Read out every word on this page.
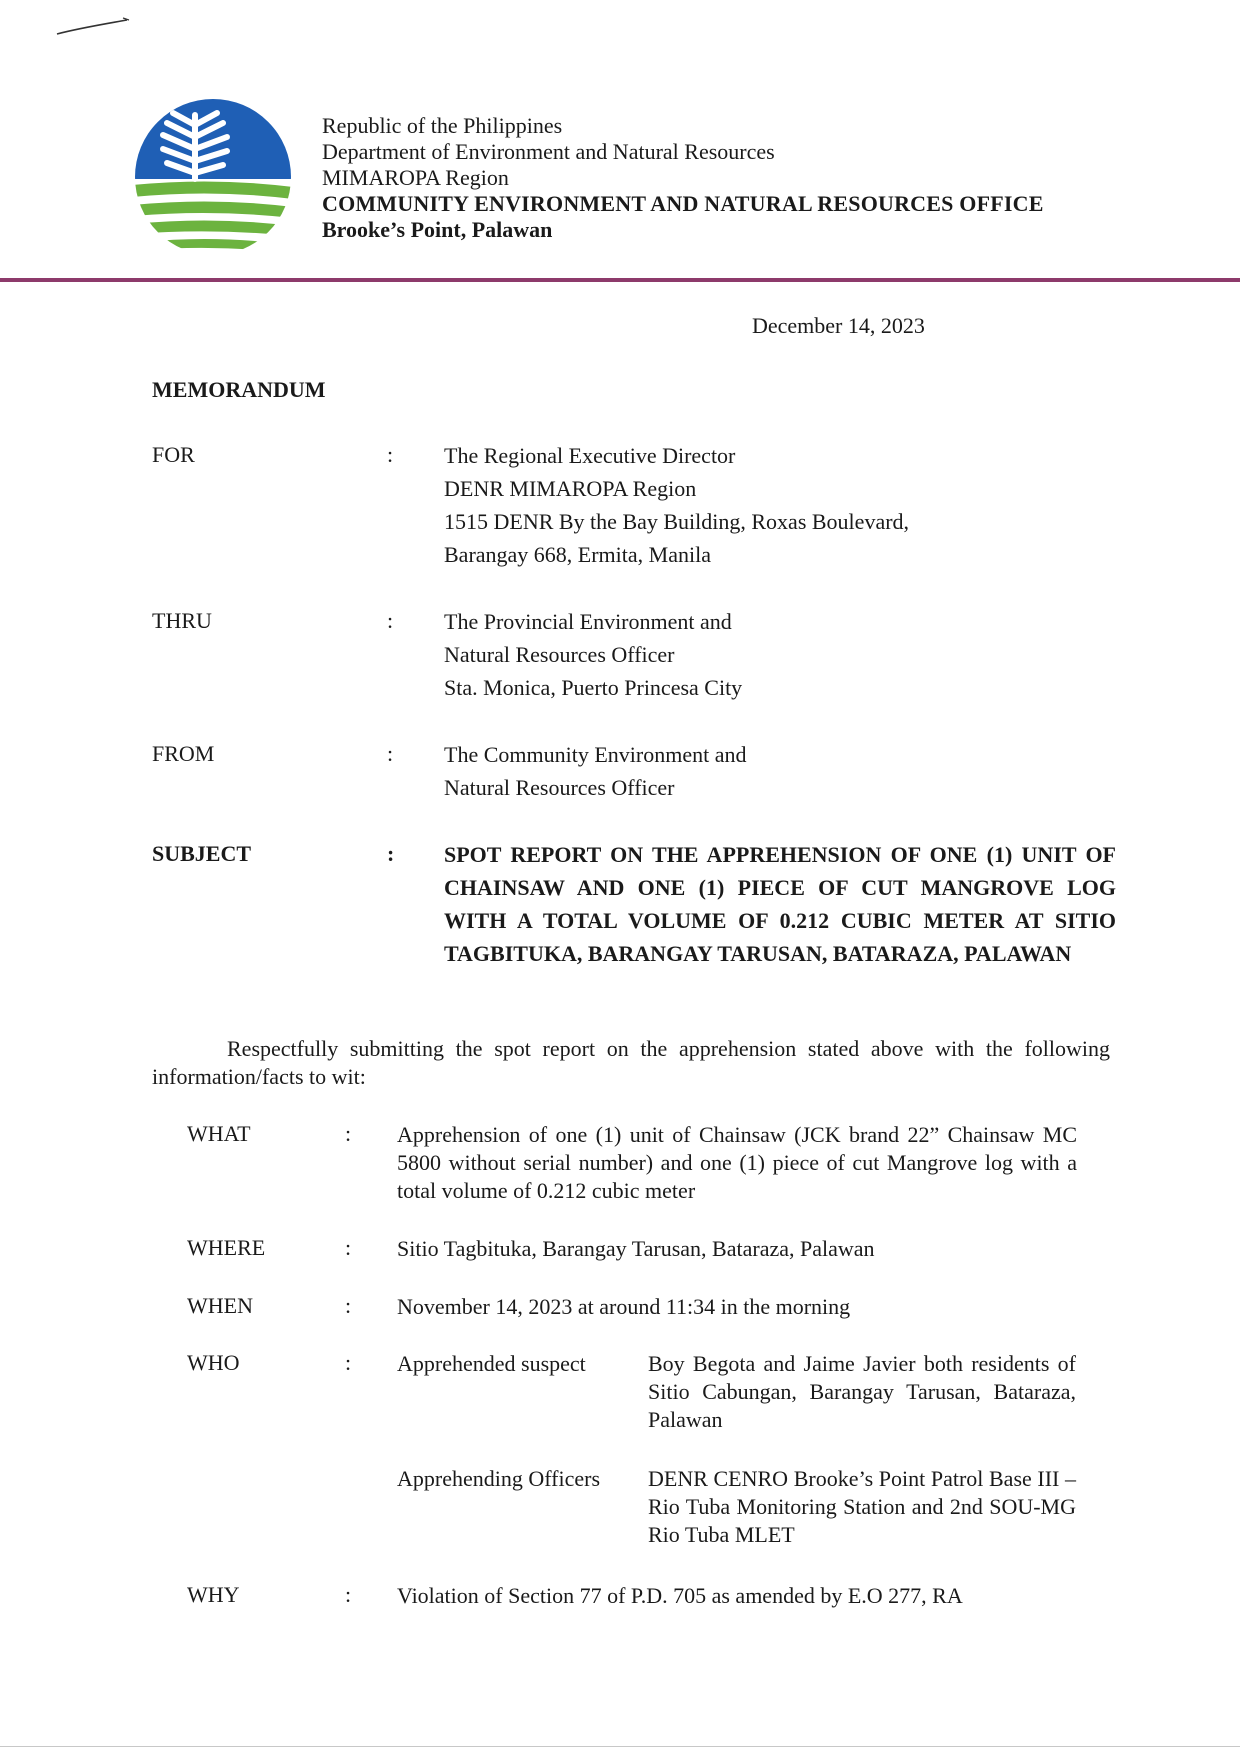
Republic of the Philippines
Department of Environment and Natural Resources
MIMAROPA Region
COMMUNITY ENVIRONMENT AND NATURAL RESOURCES OFFICE
Brooke’s Point, Palawan
December 14, 2023
MEMORANDUM
FOR	: The Regional Executive Director
DENR MIMAROPA Region
1515 DENR By the Bay Building, Roxas Boulevard,
Barangay 668, Ermita, Manila
THRU	: The Provincial Environment and
Natural Resources Officer
Sta. Monica, Puerto Princesa City
FROM	: The Community Environment and
Natural Resources Officer
SUBJECT	: SPOT REPORT ON THE APPREHENSION OF ONE (1) UNIT OF CHAINSAW AND ONE (1) PIECE OF CUT MANGROVE LOG WITH A TOTAL VOLUME OF 0.212 CUBIC METER AT SITIO TAGBITUKA, BARANGAY TARUSAN, BATARAZA, PALAWAN
Respectfully submitting the spot report on the apprehension stated above with the following information/facts to wit:
WHAT	: Apprehension of one (1) unit of Chainsaw (JCK brand 22” Chainsaw MC 5800 without serial number) and one (1) piece of cut Mangrove log with a total volume of 0.212 cubic meter
WHERE	: Sitio Tagbituka, Barangay Tarusan, Bataraza, Palawan
WHEN	: November 14, 2023 at around 11:34 in the morning
WHO	: Apprehended suspect	Boy Begota and Jaime Javier both residents of Sitio Cabungan, Barangay Tarusan, Bataraza, Palawan
Apprehending Officers	DENR CENRO Brooke’s Point Patrol Base III – Rio Tuba Monitoring Station and 2nd SOU-MG Rio Tuba MLET
WHY	: Violation of Section 77 of P.D. 705 as amended by E.O 277, RA
